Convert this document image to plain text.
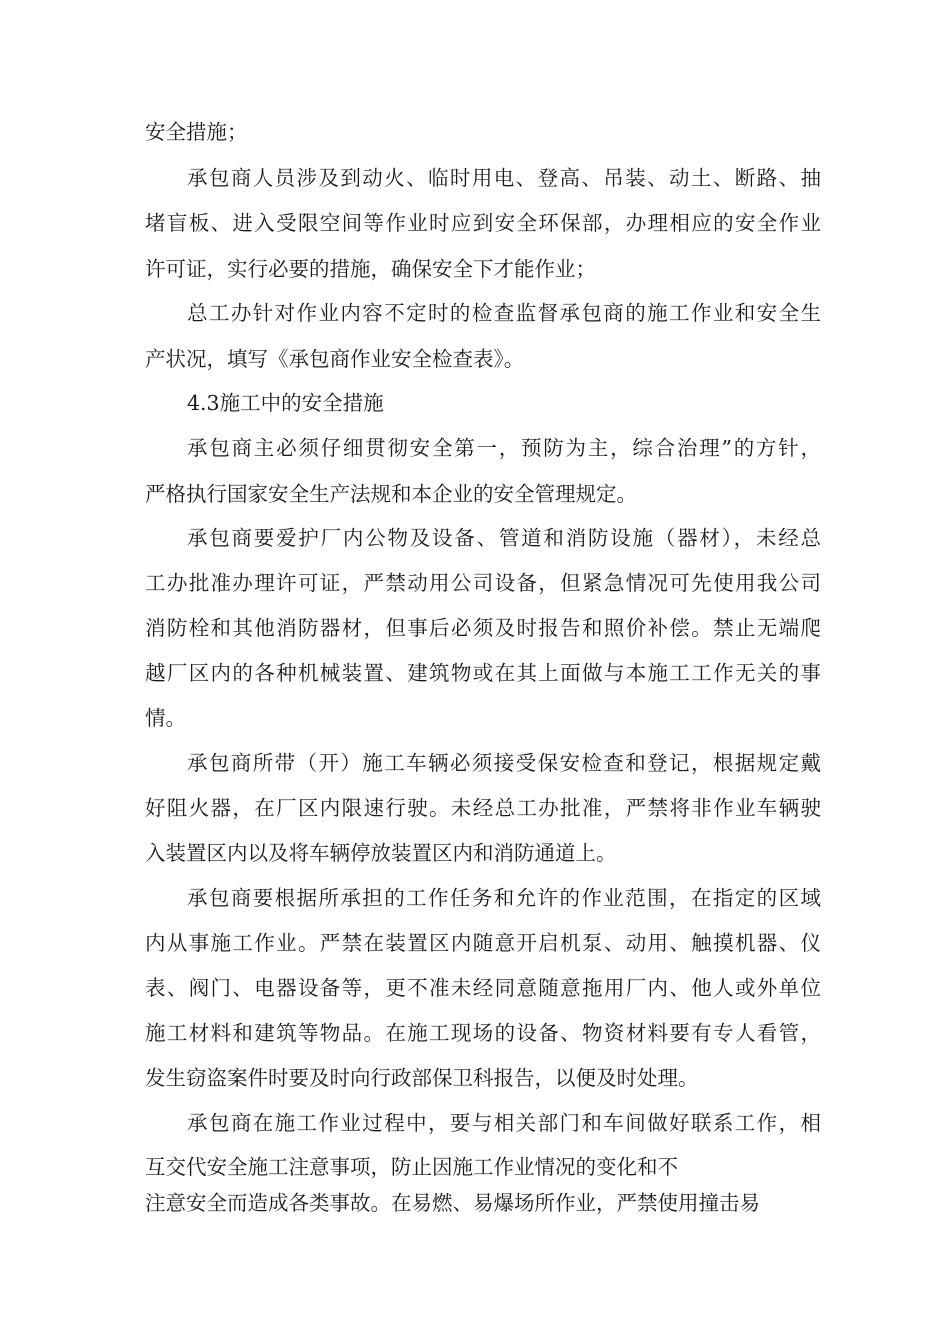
安全措施；

承包商人员涉及到动火、临时用电、登高、吊装、动土、断路、抽

堵盲板、进入受限空间等作业时应到安全环保部，办理相应的安全作业

许可证，实行必要的措施，确保安全下才能作业；

总工办针对作业内容不定时的检查监督承包商的施工作业和安全生

产状况，填写《承包商作业安全检查表》。

4.3施工中的安全措施

承包商主必须仔细贯彻安全第一，预防为主，综合治理”的方针，

严格执行国家安全生产法规和本企业的安全管理规定。

承包商要爱护厂内公物及设备、管道和消防设施（器材），未经总

工办批准办理许可证，严禁动用公司设备，但紧急情况可先使用我公司

消防栓和其他消防器材，但事后必须及时报告和照价补偿。禁止无端爬

越厂区内的各种机械装置、建筑物或在其上面做与本施工工作无关的事

情。

承包商所带（开）施工车辆必须接受保安检查和登记，根据规定戴

好阻火器，在厂区内限速行驶。未经总工办批准，严禁将非作业车辆驶

入装置区内以及将车辆停放装置区内和消防通道上。

承包商要根据所承担的工作任务和允许的作业范围，在指定的区域

内从事施工作业。严禁在装置区内随意开启机泵、动用、触摸机器、仪

表、阀门、电器设备等，更不准未经同意随意拖用厂内、他人或外单位

施工材料和建筑等物品。在施工现场的设备、物资材料要有专人看管，

发生窃盗案件时要及时向行政部保卫科报告，以便及时处理。

承包商在施工作业过程中，要与相关部门和车间做好联系工作，相

互交代安全施工注意事项，防止因施工作业情况的变化和不

注意安全而造成各类事故。在易燃、易爆场所作业，严禁使用撞击易
